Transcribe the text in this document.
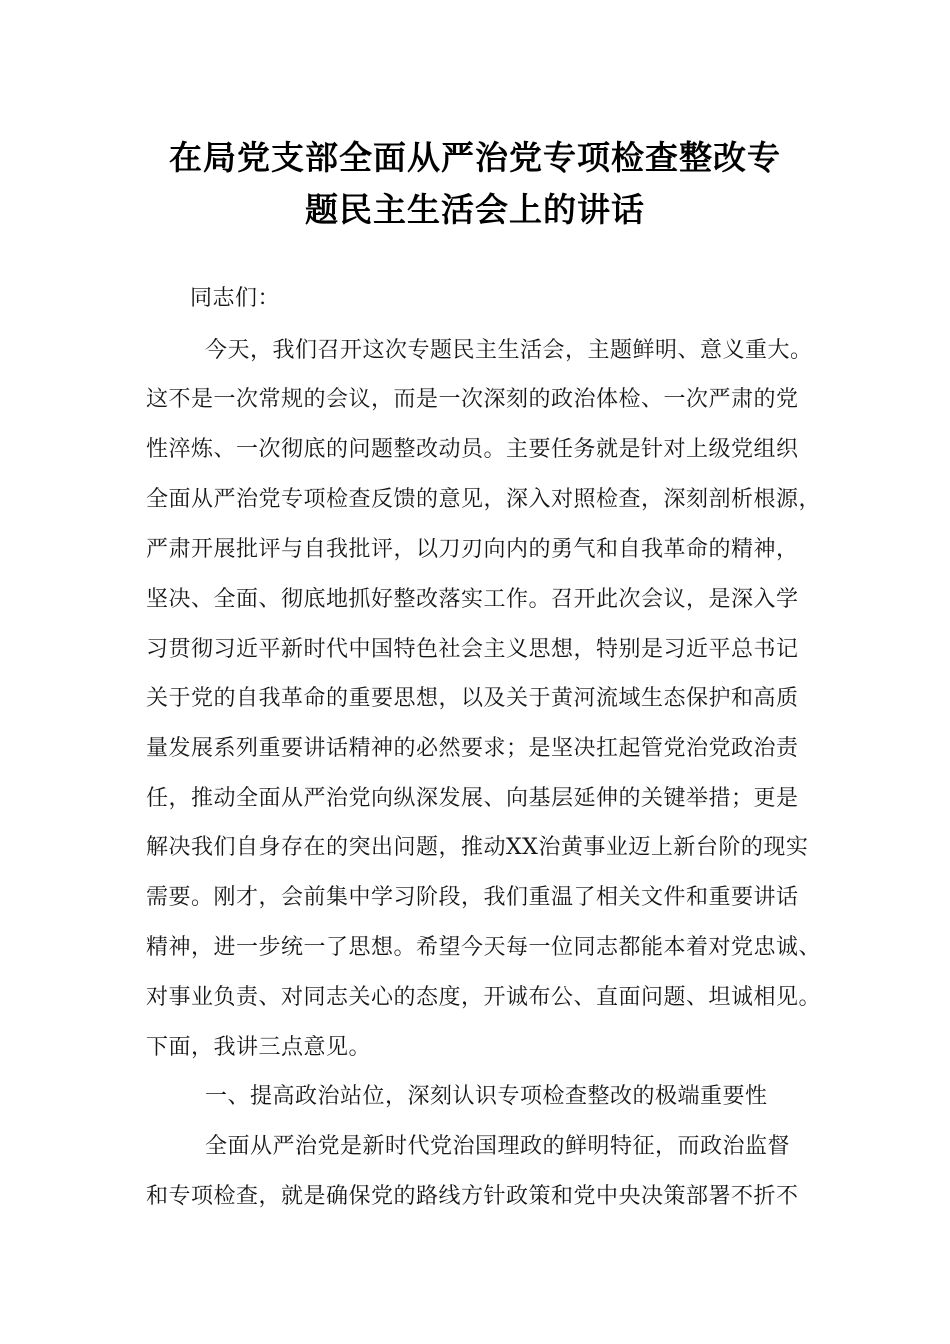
在局党支部全面从严治党专项检查整改专
题民主生活会上的讲话
同志们：
今天，我们召开这次专题民主生活会，主题鲜明、意义重大。
这不是一次常规的会议，而是一次深刻的政治体检、一次严肃的党
性淬炼、一次彻底的问题整改动员。主要任务就是针对上级党组织
全面从严治党专项检查反馈的意见，深入对照检查，深刻剖析根源，
严肃开展批评与自我批评，以刀刃向内的勇气和自我革命的精神，
坚决、全面、彻底地抓好整改落实工作。召开此次会议，是深入学
习贯彻习近平新时代中国特色社会主义思想，特别是习近平总书记
关于党的自我革命的重要思想，以及关于黄河流域生态保护和高质
量发展系列重要讲话精神的必然要求；是坚决扛起管党治党政治责
任，推动全面从严治党向纵深发展、向基层延伸的关键举措；更是
解决我们自身存在的突出问题，推动XX治黄事业迈上新台阶的现实
需要。刚才，会前集中学习阶段，我们重温了相关文件和重要讲话
精神，进一步统一了思想。希望今天每一位同志都能本着对党忠诚、
对事业负责、对同志关心的态度，开诚布公、直面问题、坦诚相见。
下面，我讲三点意见。
一、提高政治站位，深刻认识专项检查整改的极端重要性
全面从严治党是新时代党治国理政的鲜明特征，而政治监督
和专项检查，就是确保党的路线方针政策和党中央决策部署不折不
